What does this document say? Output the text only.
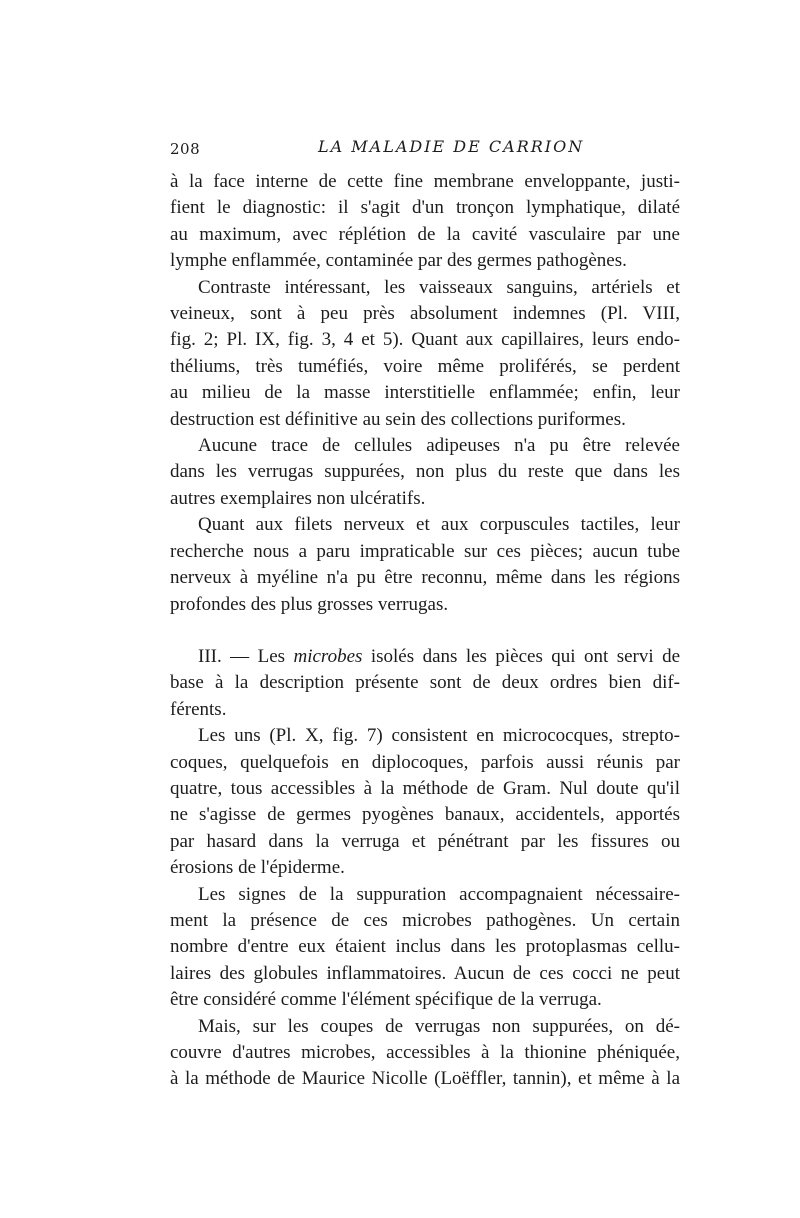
208	LA MALADIE DE CARRION

à la face interne de cette fine membrane enveloppante, justi-
fient le diagnostic: il s'agit d'un tronçon lymphatique, dilaté
au maximum, avec réplétion de la cavité vasculaire par une
lymphe enflammée, contaminée par des germes pathogènes.

Contraste intéressant, les vaisseaux sanguins, artériels et
veineux, sont à peu près absolument indemnes (Pl. VIII,
fig. 2; Pl. IX, fig. 3, 4 et 5). Quant aux capillaires, leurs endo-
théliums, très tuméfiés, voire même proliférés, se perdent
au milieu de la masse interstitielle enflammée; enfin, leur
destruction est définitive au sein des collections puriformes.

Aucune trace de cellules adipeuses n'a pu être relevée
dans les verrugas suppurées, non plus du reste que dans les
autres exemplaires non ulcératifs.

Quant aux filets nerveux et aux corpuscules tactiles, leur
recherche nous a paru impraticable sur ces pièces; aucun tube
nerveux à myéline n'a pu être reconnu, même dans les régions
profondes des plus grosses verrugas.

III. — Les microbes isolés dans les pièces qui ont servi de
base à la description présente sont de deux ordres bien dif-
férents.

Les uns (Pl. X, fig. 7) consistent en micrococques, strepto-
coques, quelquefois en diplocoques, parfois aussi réunis par
quatre, tous accessibles à la méthode de Gram. Nul doute qu'il
ne s'agisse de germes pyogènes banaux, accidentels, apportés
par hasard dans la verruga et pénétrant par les fissures ou
érosions de l'épiderme.

Les signes de la suppuration accompagnaient nécessaire-
ment la présence de ces microbes pathogènes. Un certain
nombre d'entre eux étaient inclus dans les protoplasmas cellu-
laires des globules inflammatoires. Aucun de ces cocci ne peut
être considéré comme l'élément spécifique de la verruga.

Mais, sur les coupes de verrugas non suppurées, on dé-
couvre d'autres microbes, accessibles à la thionine phéniquée,
à la méthode de Maurice Nicolle (Loëffler, tannin), et même à la
